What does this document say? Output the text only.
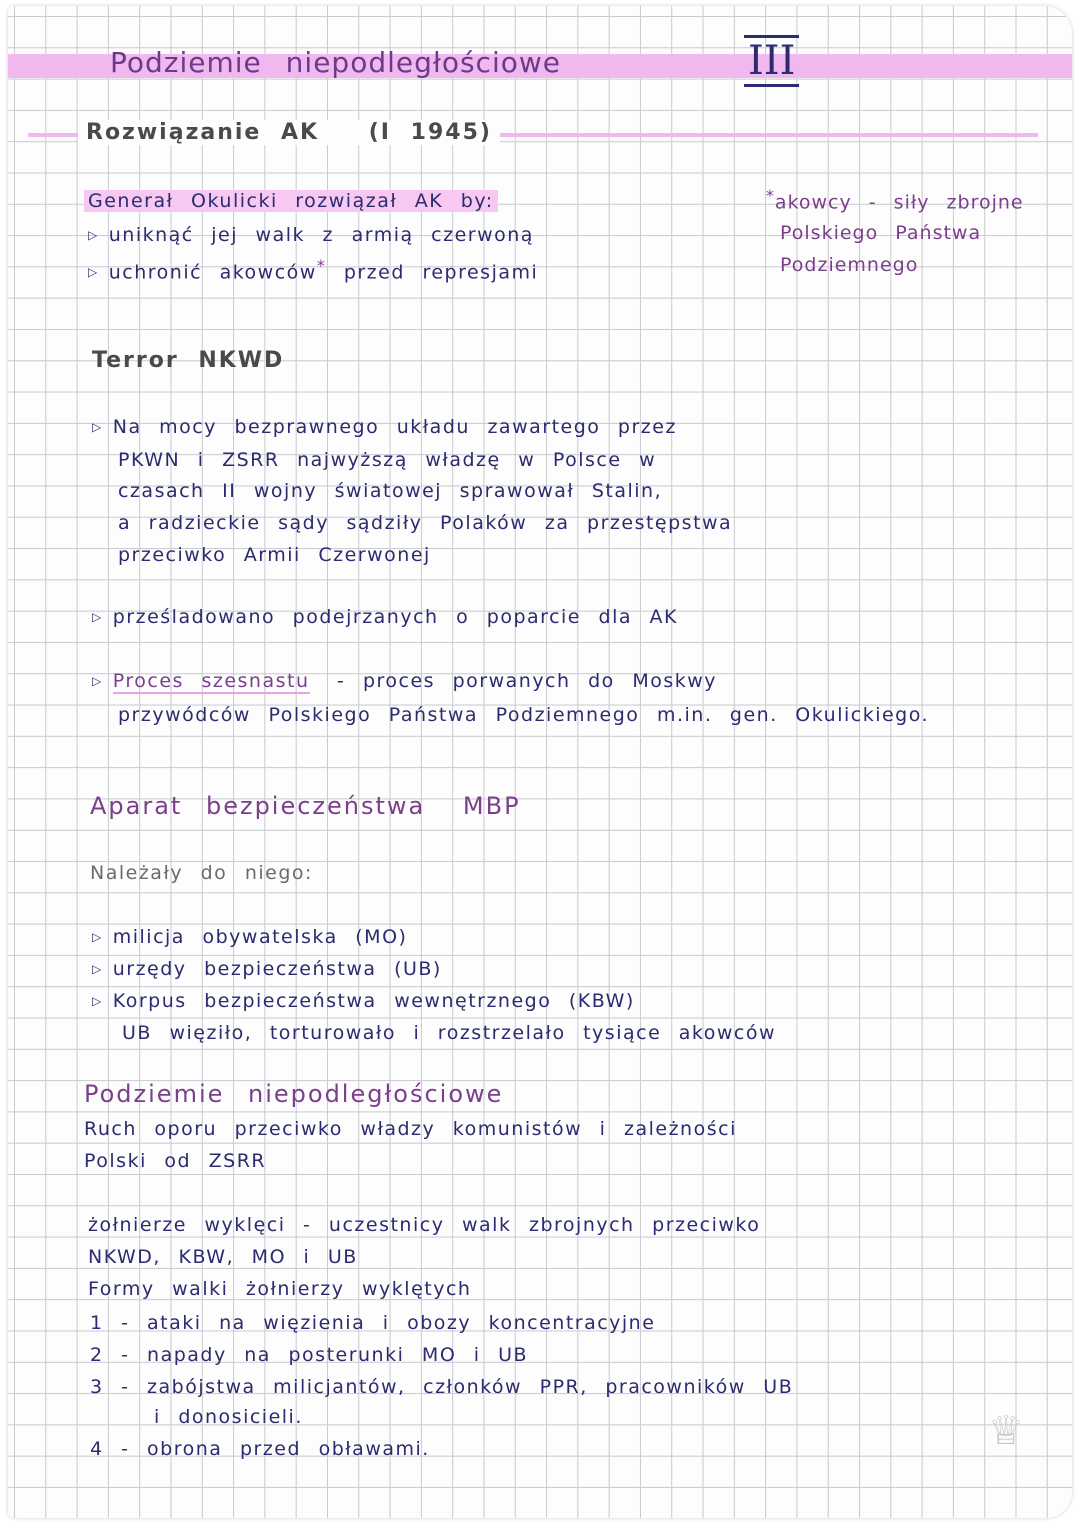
Podziemie niepodległościowe	III
Rozwiązanie AK (I 1945)
Generał Okulicki rozwiązał AK by:
▷ uniknąć jej walk z armią czerwoną
▷ uchronić akowców* przed represjami
*akowcy - siły zbrojne
Polskiego Państwa
Podziemnego
Terror NKWD
▷ Na mocy bezprawnego układu zawartego przez
PKWN i ZSRR najwyższą władzę w Polsce w
czasach II wojny światowej sprawował Stalin,
a radzieckie sądy sądziły Polaków za przestępstwa
przeciwko Armii Czerwonej
▷ prześladowano podejrzanych o poparcie dla AK
▷ Proces szesnastu - proces porwanych do Moskwy
przywódców Polskiego Państwa Podziemnego m.in. gen. Okulickiego.
Aparat bezpieczeństwa MBP
Należały do niego:
▷ milicja obywatelska (MO)
▷ urzędy bezpieczeństwa (UB)
▷ Korpus bezpieczeństwa wewnętrznego (KBW)
UB więziło, torturowało i rozstrzelało tysiące akowców
Podziemie niepodległościowe
Ruch oporu przeciwko władzy komunistów i zależności
Polski od ZSRR
żołnierze wyklęci - uczestnicy walk zbrojnych przeciwko
NKWD, KBW, MO i UB
Formy walki żołnierzy wyklętych
1 - ataki na więzienia i obozy koncentracyjne
2 - napady na posterunki MO i UB
3 - zabójstwa milicjantów, członków PPR, pracowników UB
i donosicieli.
4 - obrona przed obławami.	♕
